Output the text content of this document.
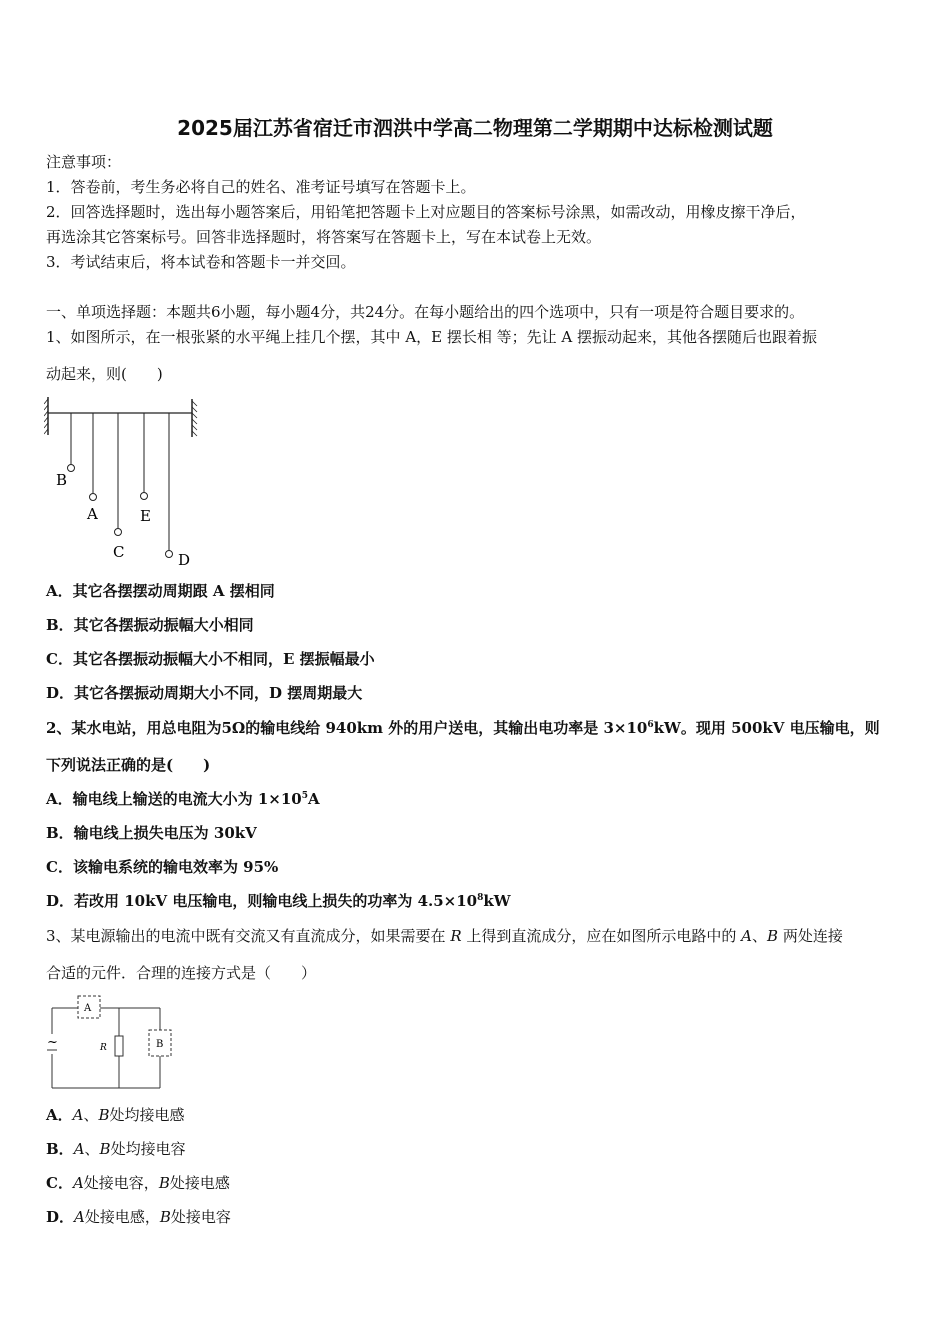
2025届江苏省宿迁市泗洪中学高二物理第二学期期中达标检测试题
注意事项：
1．答卷前，考生务必将自己的姓名、准考证号填写在答题卡上。
2．回答选择题时，选出每小题答案后，用铅笔把答题卡上对应题目的答案标号涂黑，如需改动，用橡皮擦干净后，
再选涂其它答案标号。回答非选择题时，将答案写在答题卡上，写在本试卷上无效。
3．考试结束后，将本试卷和答题卡一并交回。
一、单项选择题：本题共6小题，每小题4分，共24分。在每小题给出的四个选项中，只有一项是符合题目要求的。
1、如图所示，在一根张紧的水平绳上挂几个摆，其中 A，E 摆长相 等；先让 A 摆振动起来，其他各摆随后也跟着振
动起来，则(　　)
B
A
C
E
D
A．其它各摆摆动周期跟 A 摆相同
B．其它各摆振动振幅大小相同
C．其它各摆振动振幅大小不相同，E 摆振幅最小
D．其它各摆振动周期大小不同，D 摆周期最大
2、某水电站，用总电阻为5Ω的输电线给 940km 外的用户送电，其输出电功率是 $3\times 10^6kW$。现用 500kV 电压输电，则
下列说法正确的是(　　)
A．输电线上输送的电流大小为 $1\times 10^5A$
B．输电线上损失电压为 30kV
C．该输电系统的输电效率为 95%
D．若改用 10kV 电压输电，则输电线上损失的功率为 $4.5\times 10^8kW$
3、某电源输出的电流中既有交流又有直流成分，如果需要在 R 上得到直流成分，应在如图所示电路中的 A、B 两处连接
合适的元件．合理的连接方式是（　　）
~
A
B
R
A．A、B处均接电感
B．A、B处均接电容
C．A处接电容，B处接电感
D．A处接电感，B处接电容
